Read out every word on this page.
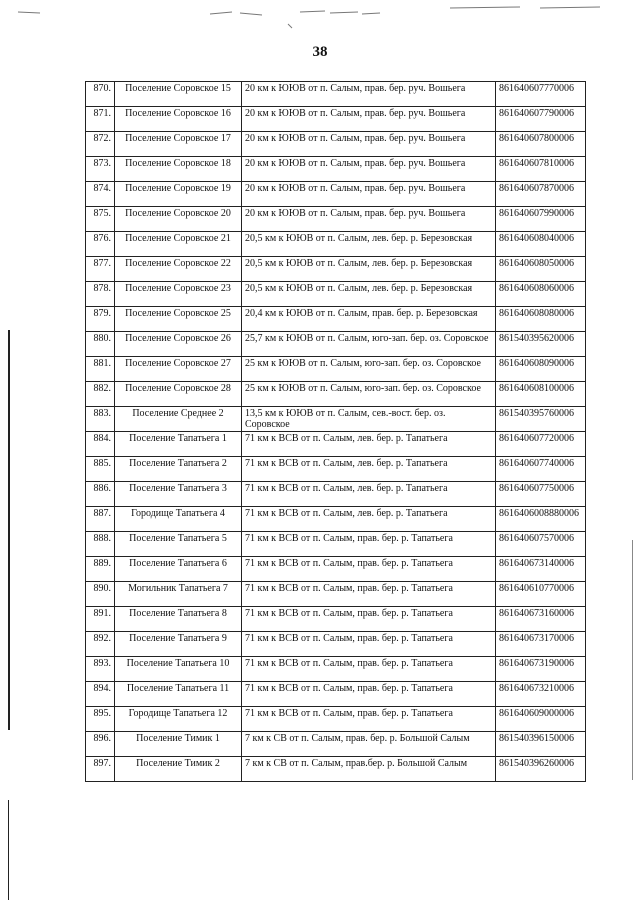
38
870.	Поселение Соровское 15	20 км к ЮЮВ от п. Салым, прав. бер. руч. Вошьега	861640607770006
871.	Поселение Соровское 16	20 км к ЮЮВ от п. Салым, прав. бер. руч. Вошьега	861640607790006
872.	Поселение Соровское 17	20 км к ЮЮВ от п. Салым, прав. бер. руч. Вошьега	861640607800006
873.	Поселение Соровское 18	20 км к ЮЮВ от п. Салым, прав. бер. руч. Вошьега	861640607810006
874.	Поселение Соровское 19	20 км к ЮЮВ от п. Салым, прав. бер. руч. Вошьега	861640607870006
875.	Поселение Соровское 20	20 км к ЮЮВ от п. Салым, прав. бер. руч. Вошьега	861640607990006
876.	Поселение Соровское 21	20,5 км к ЮЮВ от п. Салым, лев. бер. р. Березовская	861640608040006
877.	Поселение Соровское 22	20,5 км к ЮЮВ от п. Салым, лев. бер. р. Березовская	861640608050006
878.	Поселение Соровское 23	20,5 км к ЮЮВ от п. Салым, лев. бер. р. Березовская	861640608060006
879.	Поселение Соровское 25	20,4 км к ЮЮВ от п. Салым, прав. бер. р. Березовская	861640608080006
880.	Поселение Соровское 26	25,7 км к ЮЮВ от п. Салым, юго-зап. бер. оз. Соровское	861540395620006
881.	Поселение Соровское 27	25 км к ЮЮВ от п. Салым, юго-зап. бер. оз. Соровское	861640608090006
882.	Поселение Соровское 28	25 км к ЮЮВ от п. Салым, юго-зап. бер. оз. Соровское	861640608100006
883.	Поселение Среднее 2	13,5 км к ЮЮВ от п. Салым, сев.-вост. бер. оз. Соровское	861540395760006
884.	Поселение Тапатьега 1	71 км к ВСВ от п. Салым, лев. бер. р. Тапатьега	861640607720006
885.	Поселение Тапатьега 2	71 км к ВСВ от п. Салым, лев. бер. р. Тапатьега	861640607740006
886.	Поселение Тапатьега 3	71 км к ВСВ от п. Салым, лев. бер. р. Тапатьега	861640607750006
887.	Городище Тапатьега 4	71 км к ВСВ от п. Салым, лев. бер. р. Тапатьега	8616406008880006
888.	Поселение Тапатьега 5	71 км к ВСВ от п. Салым, прав. бер. р. Тапатьега	861640607570006
889.	Поселение Тапатьега 6	71 км к ВСВ от п. Салым, прав. бер. р. Тапатьега	861640673140006
890.	Могильник Тапатьега 7	71 км к ВСВ от п. Салым, прав. бер. р. Тапатьега	861640610770006
891.	Поселение Тапатьега 8	71 км к ВСВ от п. Салым, прав. бер. р. Тапатьега	861640673160006
892.	Поселение Тапатьега 9	71 км к ВСВ от п. Салым, прав. бер. р. Тапатьега	861640673170006
893.	Поселение Тапатьега 10	71 км к ВСВ от п. Салым, прав. бер. р. Тапатьега	861640673190006
894.	Поселение Тапатьега 11	71 км к ВСВ от п. Салым, прав. бер. р. Тапатьега	861640673210006
895.	Городище Тапатьега 12	71 км к ВСВ от п. Салым, прав. бер. р. Тапатьега	861640609000006
896.	Поселение Тимик 1	7 км к СВ от п. Салым, прав. бер. р. Большой Салым	861540396150006
897.	Поселение Тимик 2	7 км к СВ от п. Салым, прав.бер. р. Большой Салым	861540396260006
